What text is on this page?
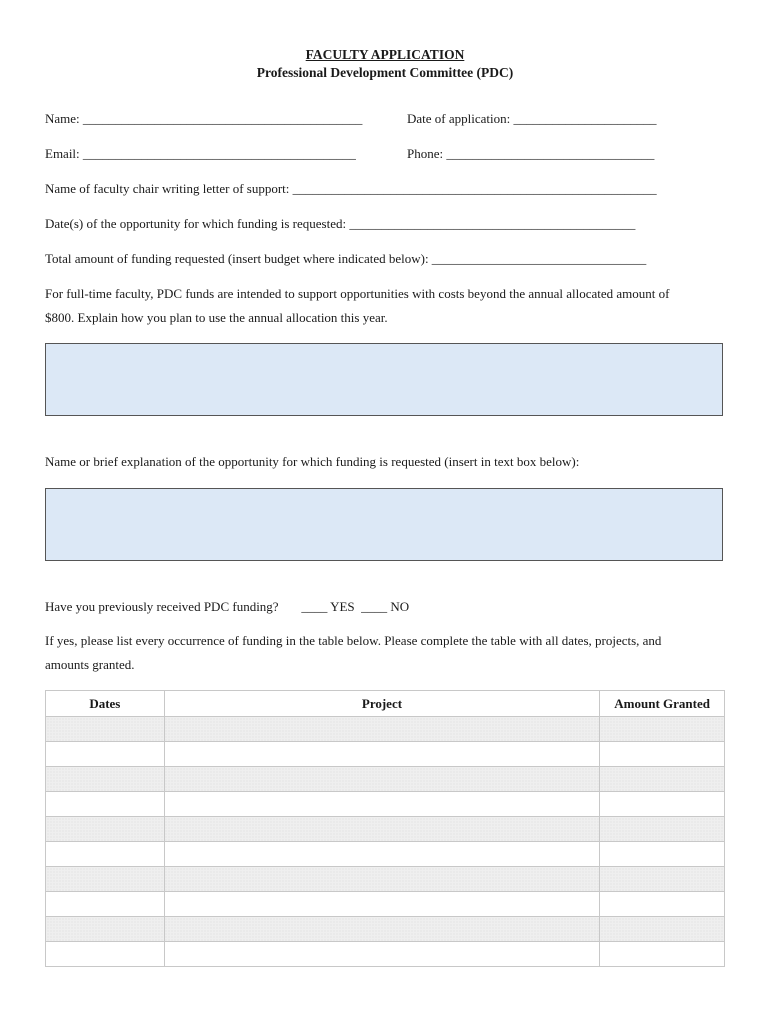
FACULTY APPLICATION
Professional Development Committee (PDC)
Name: ___________________________________________	Date of application: ______________________
Email: __________________________________________	Phone: ________________________________
Name of faculty chair writing letter of support: ________________________________________________________
Date(s) of the opportunity for which funding is requested: ____________________________________________
Total amount of funding requested (insert budget where indicated below): _________________________________
For full-time faculty, PDC funds are intended to support opportunities with costs beyond the annual allocated amount of
$800. Explain how you plan to use the annual allocation this year.
Name or brief explanation of the opportunity for which funding is requested (insert in text box below):
Have you previously received PDC funding?       ____ YES  ____ NO
If yes, please list every occurrence of funding in the table below. Please complete the table with all dates, projects, and
amounts granted.
Dates	Project	Amount Granted
